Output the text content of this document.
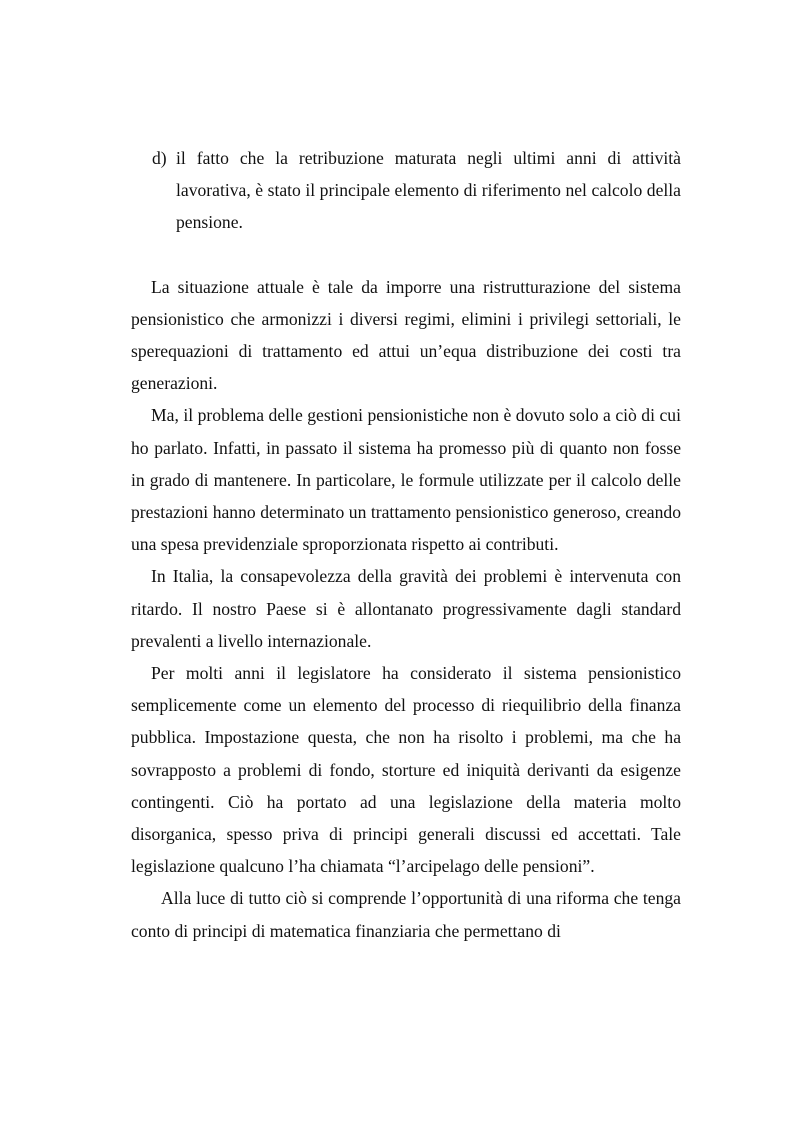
d) il fatto che la retribuzione maturata negli ultimi anni di attività lavorativa, è stato il principale elemento di riferimento nel calcolo della pensione.

La situazione attuale è tale da imporre una ristrutturazione del sistema pensionistico che armonizzi i diversi regimi, elimini i privilegi settoriali, le sperequazioni di trattamento ed attui un’equa distribuzione dei costi tra generazioni.

Ma, il problema delle gestioni pensionistiche non è dovuto solo a ciò di cui ho parlato. Infatti, in passato il sistema ha promesso più di quanto non fosse in grado di mantenere. In particolare, le formule utilizzate per il calcolo delle prestazioni hanno determinato un trattamento pensionistico generoso, creando una spesa previdenziale sproporzionata rispetto ai contributi.

In Italia, la consapevolezza della gravità dei problemi è intervenuta con ritardo. Il nostro Paese si è allontanato progressivamente dagli standard prevalenti a livello internazionale.

Per molti anni il legislatore ha considerato il sistema pensionistico semplicemente come un elemento del processo di riequilibrio della finanza pubblica. Impostazione questa, che non ha risolto i problemi, ma che ha sovrapposto a problemi di fondo, storture ed iniquità derivanti da esigenze contingenti. Ciò ha portato ad una legislazione della materia molto disorganica, spesso priva di principi generali discussi ed accettati. Tale legislazione qualcuno l’ha chiamata “l’arcipelago delle pensioni”.

Alla luce di tutto ciò si comprende l’opportunità di una riforma che tenga conto di principi di matematica finanziaria che permettano di
